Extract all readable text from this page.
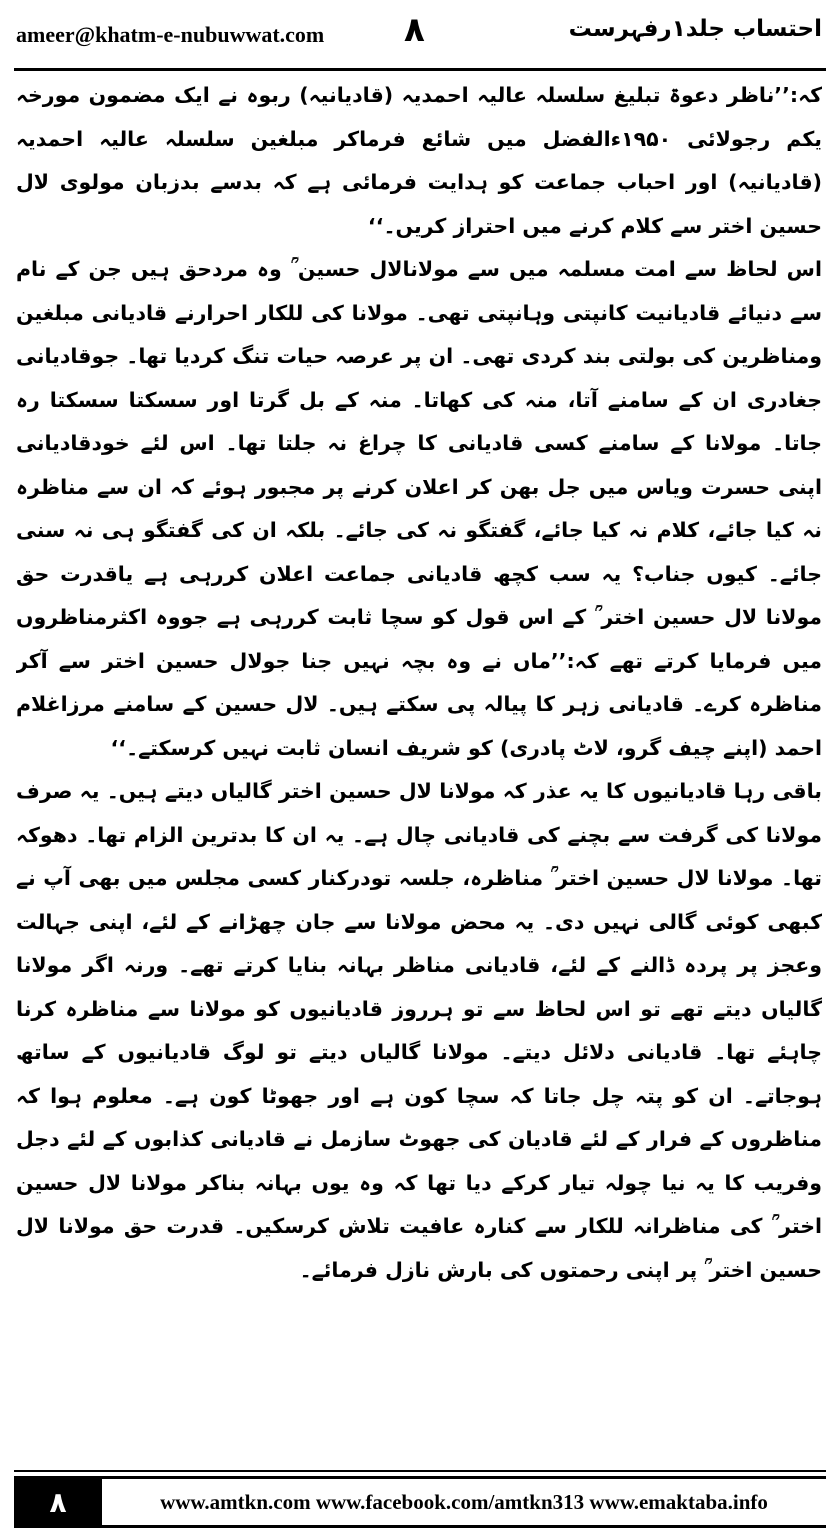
ameer@khatm-e-nubuwwat.com ۸	احتساب جلد۱رفہرست

کہ:’’ناظر دعوۃ تبلیغ سلسلہ عالیہ احمدیہ (قادیانیہ) ربوہ نے ایک مضمون مورخہ یکم رجولائی ۱۹۵۰ءالفضل میں شائع فرماکر مبلغین سلسلہ عالیہ احمدیہ (قادیانیہ) اور احباب جماعت کو ہدایت فرمائی ہے کہ بدسے بدزبان مولوی لال حسین اختر سے کلام کرنے میں احتراز کریں۔‘‘

اس لحاظ سے امت مسلمہ میں سے مولانالال حسین ؒ وہ مردحق ہیں جن کے نام سے دنیائے قادیانیت کانپتی وہانپتی تھی۔ مولانا کی للکار احرارنے قادیانی مبلغین ومناظرین کی بولتی بند کردی تھی۔ ان پر عرصہ حیات تنگ کردیا تھا۔ جوقادیانی جغادری ان کے سامنے آتا، منہ کی کھاتا۔ منہ کے بل گرتا اور سسکتا سسکتا رہ جاتا۔ مولانا کے سامنے کسی قادیانی کا چراغ نہ جلتا تھا۔ اس لئے خودقادیانی اپنی حسرت ویاس میں جل بھن کر اعلان کرنے پر مجبور ہوئے کہ ان سے مناظرہ نہ کیا جائے، کلام نہ کیا جائے، گفتگو نہ کی جائے۔ بلکہ ان کی گفتگو ہی نہ سنی جائے۔ کیوں جناب؟ یہ سب کچھ قادیانی جماعت اعلان کررہی ہے یاقدرت حق مولانا لال حسین اختر ؒ کے اس قول کو سچا ثابت کررہی ہے جووہ اکثرمناظروں میں فرمایا کرتے تھے کہ:’’ماں نے وہ بچہ نہیں جنا جولال حسین اختر سے آکر مناظرہ کرے۔ قادیانی زہر کا پیالہ پی سکتے ہیں۔ لال حسین کے سامنے مرزاغلام احمد (اپنے چیف گرو، لاٹ پادری) کو شریف انسان ثابت نہیں کرسکتے۔‘‘

باقی رہا قادیانیوں کا یہ عذر کہ مولانا لال حسین اختر گالیاں دیتے ہیں۔ یہ صرف مولانا کی گرفت سے بچنے کی قادیانی چال ہے۔ یہ ان کا بدترین الزام تھا۔ دھوکہ تھا۔ مولانا لال حسین اختر ؒ مناظرہ، جلسہ تودرکنار کسی مجلس میں بھی آپ نے کبھی کوئی گالی نہیں دی۔ یہ محض مولانا سے جان چھڑانے کے لئے، اپنی جہالت وعجز پر پردہ ڈالنے کے لئے، قادیانی مناظر بہانہ بنایا کرتے تھے۔ ورنہ اگر مولانا گالیاں دیتے تھے تو اس لحاظ سے تو ہرروز قادیانیوں کو مولانا سے مناظرہ کرنا چاہئے تھا۔ قادیانی دلائل دیتے۔ مولانا گالیاں دیتے تو لوگ قادیانیوں کے ساتھ ہوجاتے۔ ان کو پتہ چل جاتا کہ سچا کون ہے اور جھوٹا کون ہے۔ معلوم ہوا کہ مناظروں کے فرار کے لئے قادیان کی جھوٹ سازمل نے قادیانی کذابوں کے لئے دجل وفریب کا یہ نیا چولہ تیار کرکے دیا تھا کہ وہ یوں بہانہ بناکر مولانا لال حسین اختر ؒ کی مناظرانہ للکار سے کنارہ عافیت تلاش کرسکیں۔ قدرت حق مولانا لال حسین اختر ؒ پر اپنی رحمتوں کی بارش نازل فرمائے۔

۸	www.amtkn.com www.facebook.com/amtkn313 www.emaktaba.info
